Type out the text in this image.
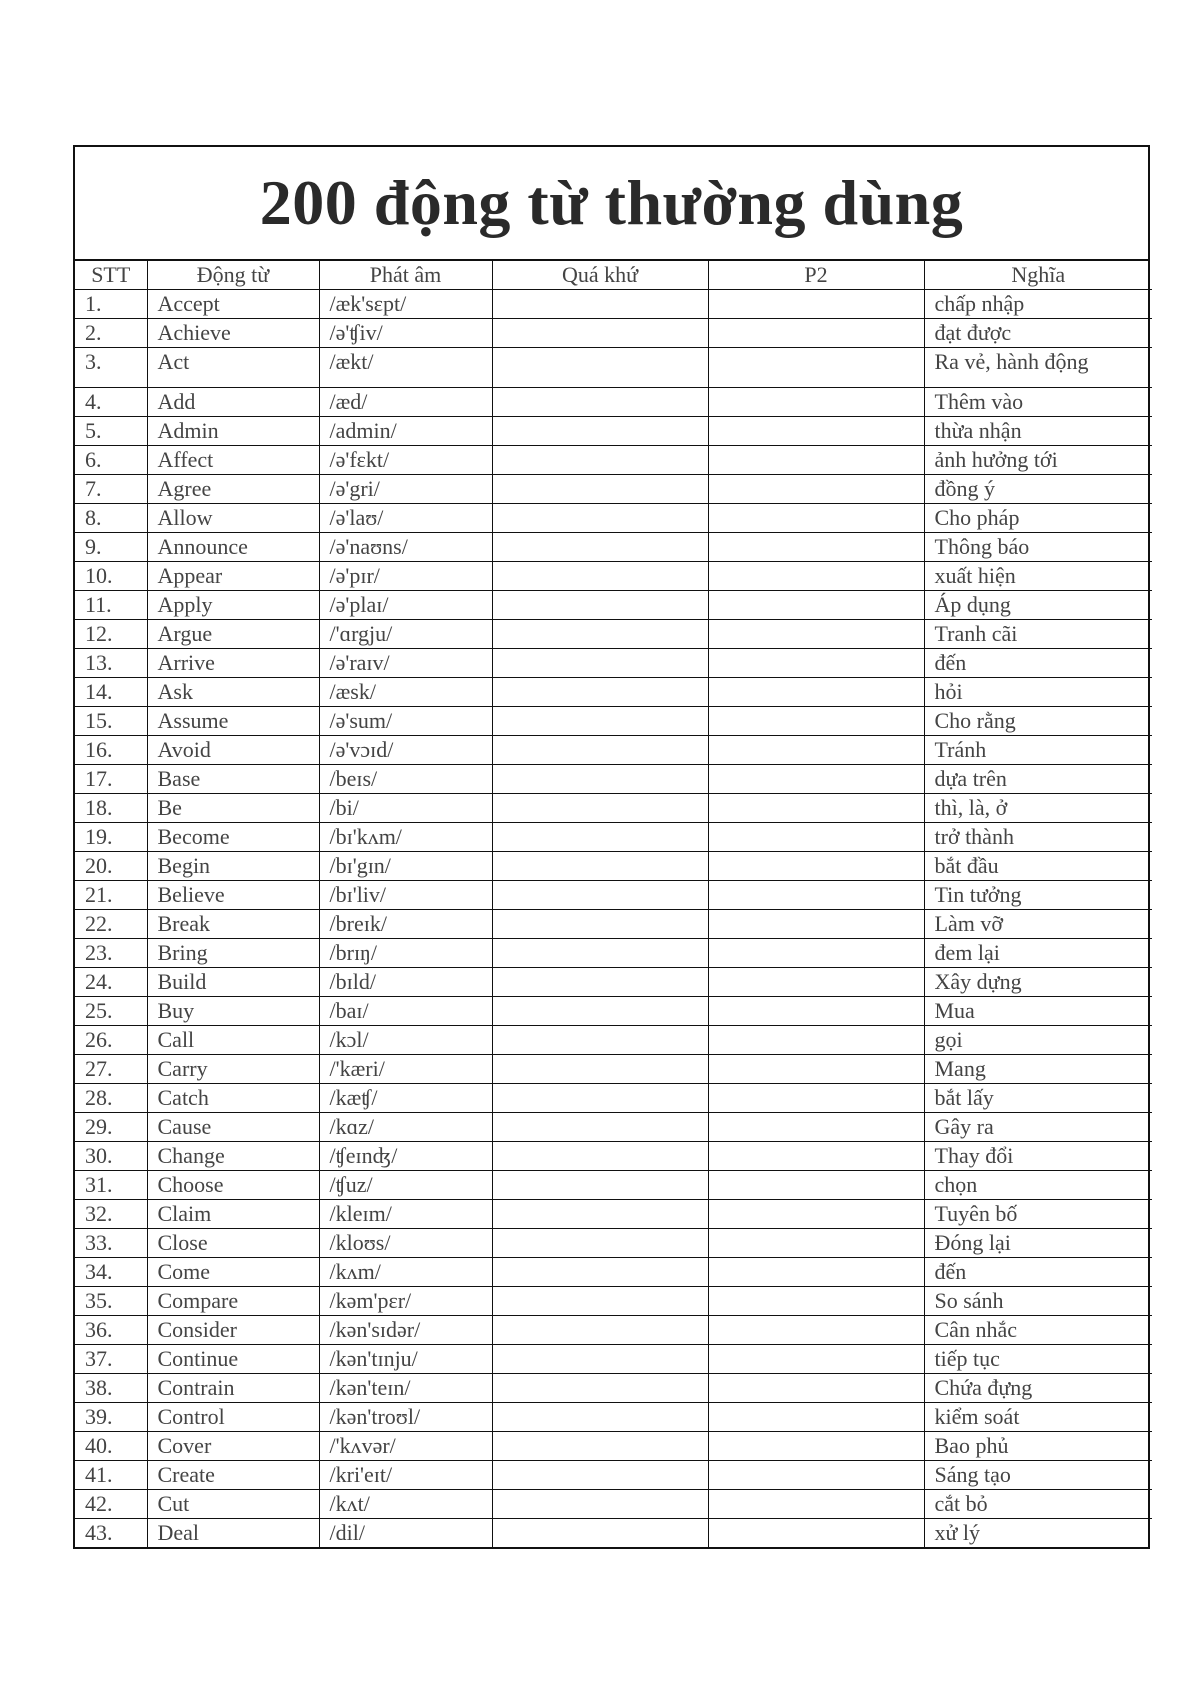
200 động từ thường dùng
STT	Động từ	Phát âm	Quá khứ	P2	Nghĩa
1.	Accept	/æk'sɛpt/			chấp nhập
2.	Achieve	/ə'ʧiv/			đạt được
3.	Act	/ækt/			Ra vẻ, hành động
4.	Add	/æd/			Thêm vào
5.	Admin	/admin/			thừa nhận
6.	Affect	/ə'fɛkt/			ảnh hưởng tới
7.	Agree	/ə'gri/			đồng ý
8.	Allow	/ə'laʊ/			Cho pháp
9.	Announce	/ə'naʊns/			Thông báo
10.	Appear	/ə'pɪr/			xuất hiện
11.	Apply	/ə'plaɪ/			Áp dụng
12.	Argue	/'ɑrgju/			Tranh cãi
13.	Arrive	/ə'raɪv/			đến
14.	Ask	/æsk/			hỏi
15.	Assume	/ə'sum/			Cho rằng
16.	Avoid	/ə'vɔɪd/			Tránh
17.	Base	/beɪs/			dựa trên
18.	Be	/bi/			thì, là, ở
19.	Become	/bɪ'kʌm/			trở thành
20.	Begin	/bɪ'gɪn/			bắt đầu
21.	Believe	/bɪ'liv/			Tin tưởng
22.	Break	/breɪk/			Làm vỡ
23.	Bring	/brɪŋ/			đem lại
24.	Build	/bɪld/			Xây dựng
25.	Buy	/baɪ/			Mua
26.	Call	/kɔl/			gọi
27.	Carry	/'kæri/			Mang
28.	Catch	/kæʧ/			bắt lấy
29.	Cause	/kɑz/			Gây ra
30.	Change	/ʧeɪnʤ/			Thay đổi
31.	Choose	/ʧuz/			chọn
32.	Claim	/kleɪm/			Tuyên bố
33.	Close	/kloʊs/			Đóng lại
34.	Come	/kʌm/			đến
35.	Compare	/kəm'pɛr/			So sánh
36.	Consider	/kən'sɪdər/			Cân nhắc
37.	Continue	/kən'tɪnju/			tiếp tục
38.	Contrain	/kən'teɪn/			Chứa đựng
39.	Control	/kən'troʊl/			kiểm soát
40.	Cover	/'kʌvər/			Bao phủ
41.	Create	/kri'eɪt/			Sáng tạo
42.	Cut	/kʌt/			cắt bỏ
43.	Deal	/dil/			xử lý
